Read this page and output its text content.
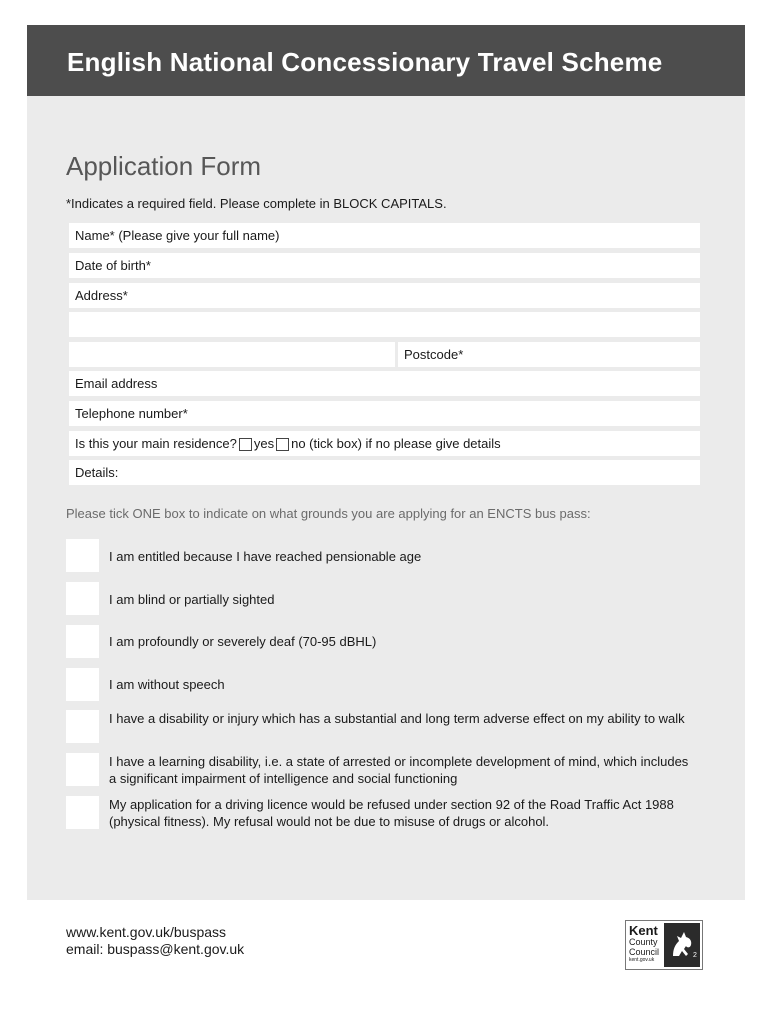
English National Concessionary Travel Scheme
Application Form
*Indicates a required field. Please complete in BLOCK CAPITALS.
Name* (Please give your full name)
Date of birth*
Address*
Postcode*
Email address
Telephone number*
Is this your main residence? yes no (tick box) if no please give details
Details:
Please tick ONE box to indicate on what grounds you are applying for an ENCTS bus pass:
I am entitled because I have reached pensionable age
I am blind or partially sighted
I am profoundly or severely deaf (70-95 dBHL)
I am without speech
I have a disability or injury which has a substantial and long term adverse effect on my ability to walk
I have a learning disability, i.e. a state of arrested or incomplete development of mind, which includes a significant impairment of intelligence and social functioning
My application for a driving licence would be refused under section 92 of the Road Traffic Act 1988 (physical fitness). My refusal would not be due to misuse of drugs or alcohol.
www.kent.gov.uk/buspass
email: buspass@kent.gov.uk
Kent
County
Council
kent.gov.uk
2
